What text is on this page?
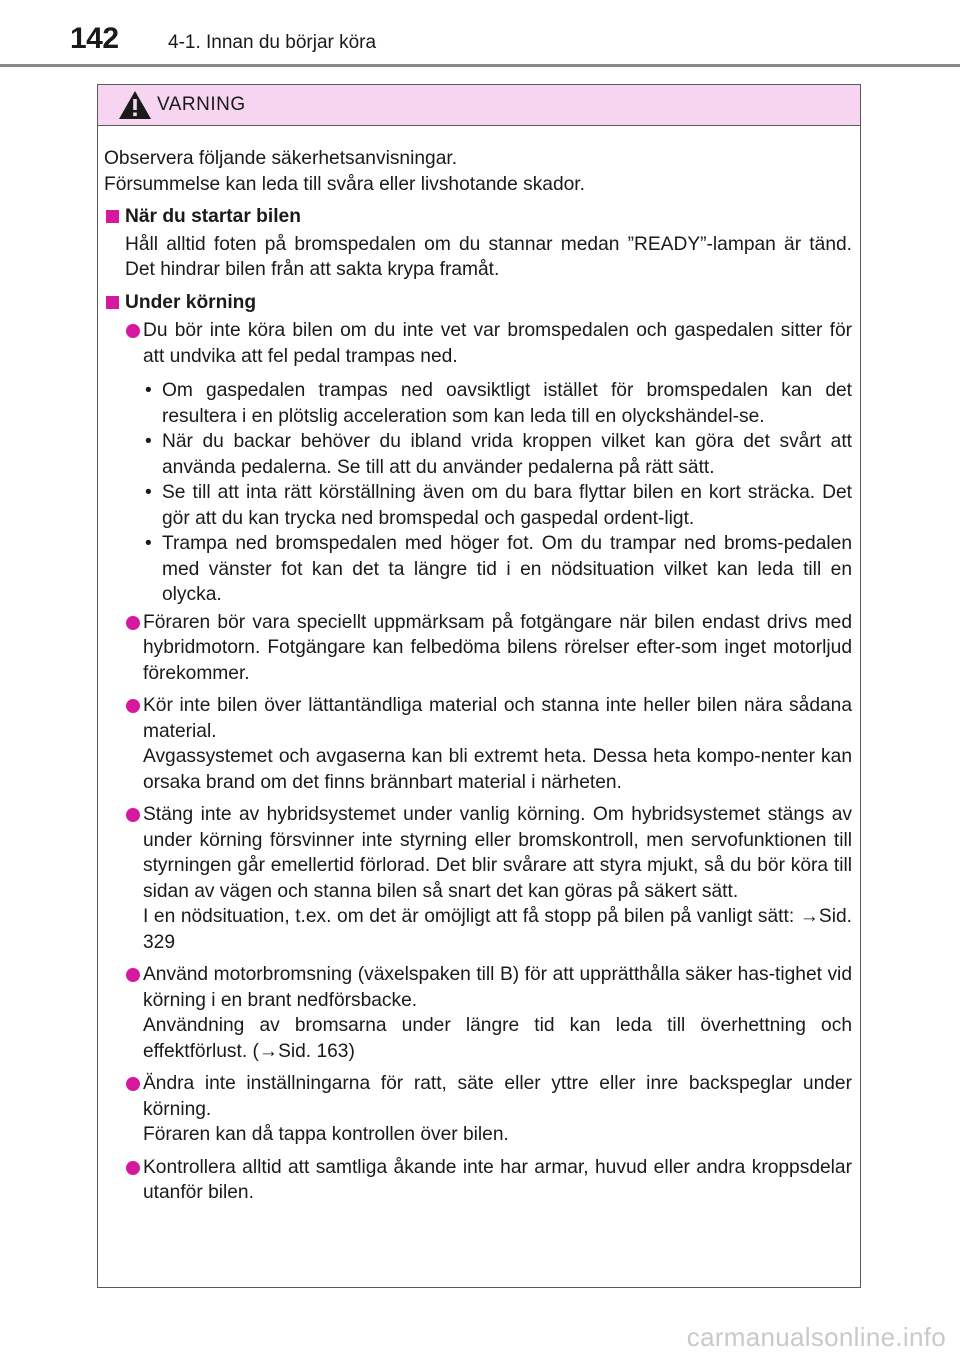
142	4-1. Innan du börjar köra
VARNING

Observera följande säkerhetsanvisningar.

Försummelse kan leda till svåra eller livshotande skador.

När du startar bilen

Håll alltid foten på bromspedalen om du stannar medan ”READY”-lampan är tänd. Det hindrar bilen från att sakta krypa framåt.

Under körning

Du bör inte köra bilen om du inte vet var bromspedalen och gaspedalen sitter för att undvika att fel pedal trampas ned.

• Om gaspedalen trampas ned oavsiktligt istället för bromspedalen kan det resultera i en plötslig acceleration som kan leda till en olyckshändel-se.
• När du backar behöver du ibland vrida kroppen vilket kan göra det svårt att använda pedalerna. Se till att du använder pedalerna på rätt sätt.
• Se till att inta rätt körställning även om du bara flyttar bilen en kort sträcka. Det gör att du kan trycka ned bromspedal och gaspedal ordent-ligt.
• Trampa ned bromspedalen med höger fot. Om du trampar ned broms-pedalen med vänster fot kan det ta längre tid i en nödsituation vilket kan leda till en olycka.

Föraren bör vara speciellt uppmärksam på fotgängare när bilen endast drivs med hybridmotorn. Fotgängare kan felbedöma bilens rörelser efter-som inget motorljud förekommer.

Kör inte bilen över lättantändliga material och stanna inte heller bilen nära sådana material.

Avgassystemet och avgaserna kan bli extremt heta. Dessa heta kompo-nenter kan orsaka brand om det finns brännbart material i närheten.

Stäng inte av hybridsystemet under vanlig körning. Om hybridsystemet stängs av under körning försvinner inte styrning eller bromskontroll, men servofunktionen till styrningen går emellertid förlorad. Det blir svårare att styra mjukt, så du bör köra till sidan av vägen och stanna bilen så snart det kan göras på säkert sätt.

I en nödsituation, t.ex. om det är omöjligt att få stopp på bilen på vanligt sätt: →Sid. 329

Använd motorbromsning (växelspaken till B) för att upprätthålla säker has-tighet vid körning i en brant nedförsbacke.

Användning av bromsarna under längre tid kan leda till överhettning och effektförlust. (→Sid. 163)

Ändra inte inställningarna för ratt, säte eller yttre eller inre backspeglar under körning.

Föraren kan då tappa kontrollen över bilen.

Kontrollera alltid att samtliga åkande inte har armar, huvud eller andra kroppsdelar utanför bilen.

carmanualsonline.info
